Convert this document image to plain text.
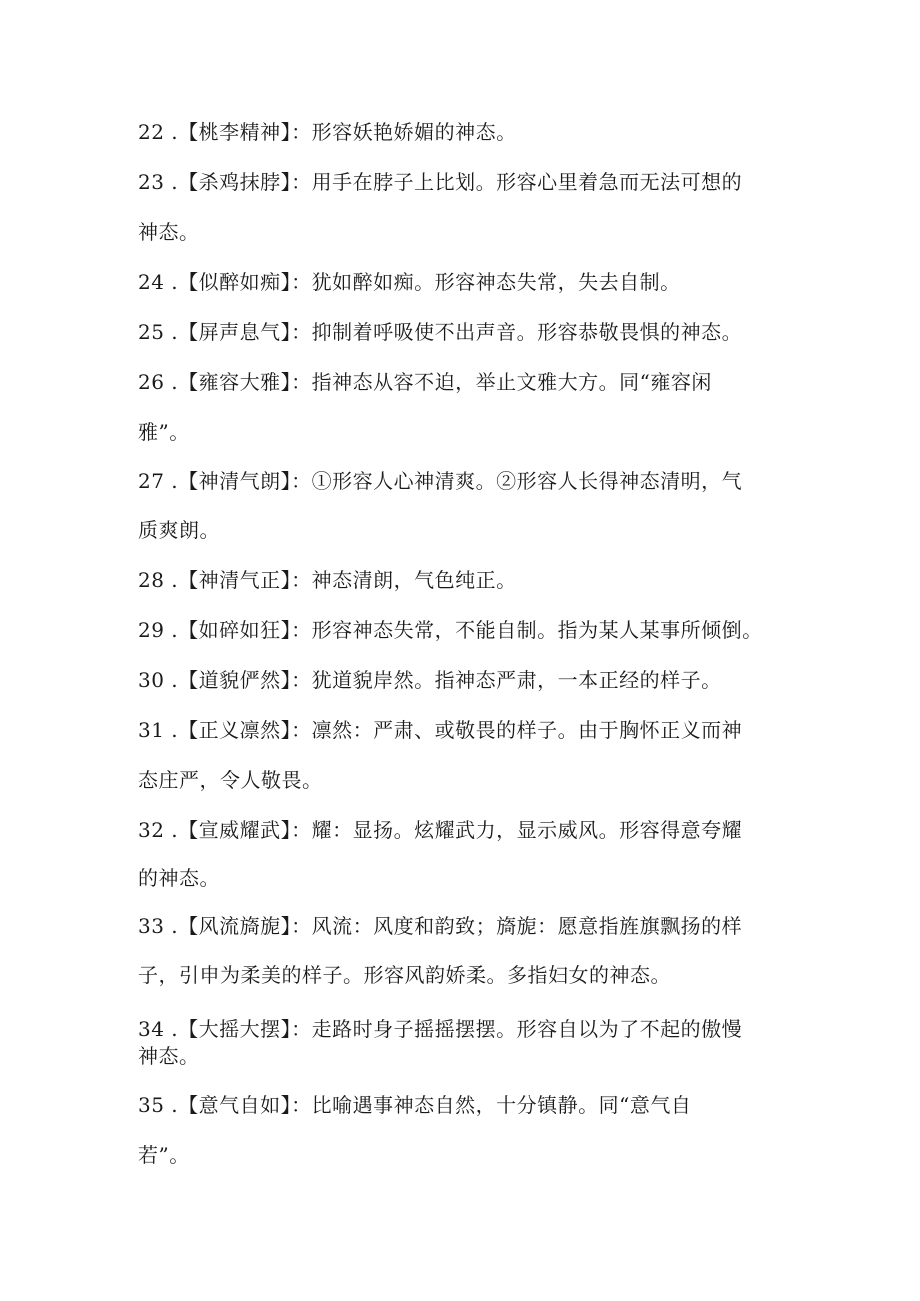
22 .【桃李精神】：形容妖艳娇媚的神态。
23 .【杀鸡抹脖】：用手在脖子上比划。形容心里着急而无法可想的
神态。
24 .【似醉如痴】：犹如醉如痴。形容神态失常，失去自制。
25 .【屏声息气】：抑制着呼吸使不出声音。形容恭敬畏惧的神态。
26 .【雍容大雅】：指神态从容不迫，举止文雅大方。同“雍容闲
雅”。
27 .【神清气朗】：①形容人心神清爽。②形容人长得神态清明，气
质爽朗。
28 .【神清气正】：神态清朗，气色纯正。
29 .【如碎如狂】：形容神态失常，不能自制。指为某人某事所倾倒。
30 .【道貌俨然】：犹道貌岸然。指神态严肃，一本正经的样子。
31 .【正义凛然】：凛然：严肃、或敬畏的样子。由于胸怀正义而神
态庄严，令人敬畏。
32 .【宣威耀武】：耀：显扬。炫耀武力，显示威风。形容得意夸耀
的神态。
33 .【风流旖旎】：风流：风度和韵致；旖旎：愿意指旌旗飘扬的样
子，引申为柔美的样子。形容风韵娇柔。多指妇女的神态。
34 .【大摇大摆】：走路时身子摇摇摆摆。形容自以为了不起的傲慢
神态。
35 .【意气自如】：比喻遇事神态自然，十分镇静。同“意气自
若”。
